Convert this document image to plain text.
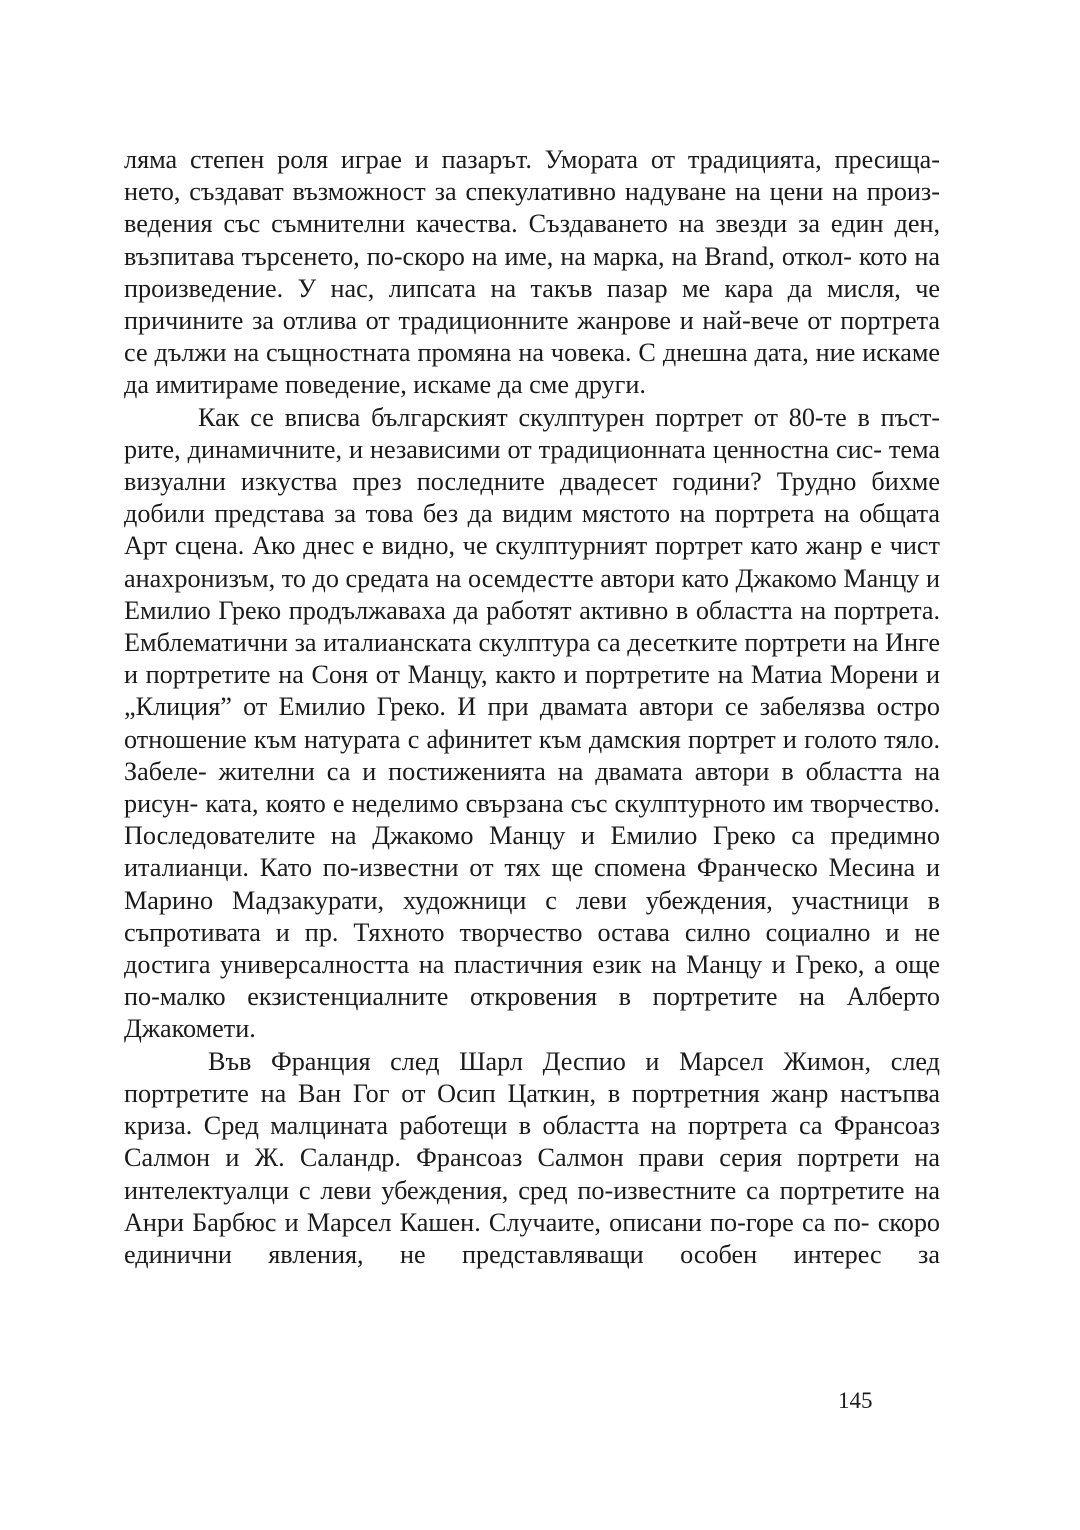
ляма степен роля играе и пазарът. Умората от традицията, пресища- нето, създават възможност за спекулативно надуване на цени на произ- ведения със съмнителни качества. Създаването на звезди за един ден, възпитава търсенето, по-скоро на име, на марка, на Brand, откол- кото на произведение. У нас, липсата на такъв пазар ме кара да мисля, че причините за отлива от традиционните жанрове и най-вече от портрета се дължи на същностната промяна на човека. С днешна дата, ние искаме да имитираме поведение, искаме да сме други.

Как се вписва българският скулптурен портрет от 80-те в пъст- рите, динамичните, и независими от традиционната ценностна сис- тема визуални изкуства през последните двадесет години? Трудно бихме добили представа за това без да видим мястото на портрета на общата Арт сцена. Ако днес е видно, че скулптурният портрет като жанр е чист анахронизъм, то до средата на осемдестте автори като Джакомо Манцу и Емилио Греко продължаваха да работят активно в областта на портрета. Емблематични за италианската скулптура са десетките портрети на Инге и портретите на Соня от Манцу, както и портретите на Матиа Морени и „Клиция” от Емилио Греко. И при двамата автори се забелязва остро отношение към натурата с афинитет към дамския портрет и голото тяло. Забеле- жителни са и постиженията на двамата автори в областта на рисун- ката, която е неделимо свързана със скулптурното им творчество. Последователите на Джакомо Манцу и Емилио Греко са предимно италианци. Като по-известни от тях ще спомена Франческо Месина и Марино Мадзакурати, художници с леви убеждения, участници в съпротивата и пр. Тяхното творчество остава силно социално и не достига универсалността на пластичния език на Манцу и Греко, а още по-малко екзистенциалните откровения в портретите на Алберто Джакомети.

Във Франция след Шарл Деспио и Марсел Жимон, след портретите на Ван Гог от Осип Цаткин, в портретния жанр настъпва криза. Сред малцината работещи в областта на портрета са Франсоаз Салмон и Ж. Саландр. Франсоаз Салмон прави серия портрети на интелектуалци с леви убеждения, сред по-известните са портретите на Анри Барбюс и Марсел Кашен. Случаите, описани по-горе са по- скоро единични явления, не представляващи особен интерес за

145
